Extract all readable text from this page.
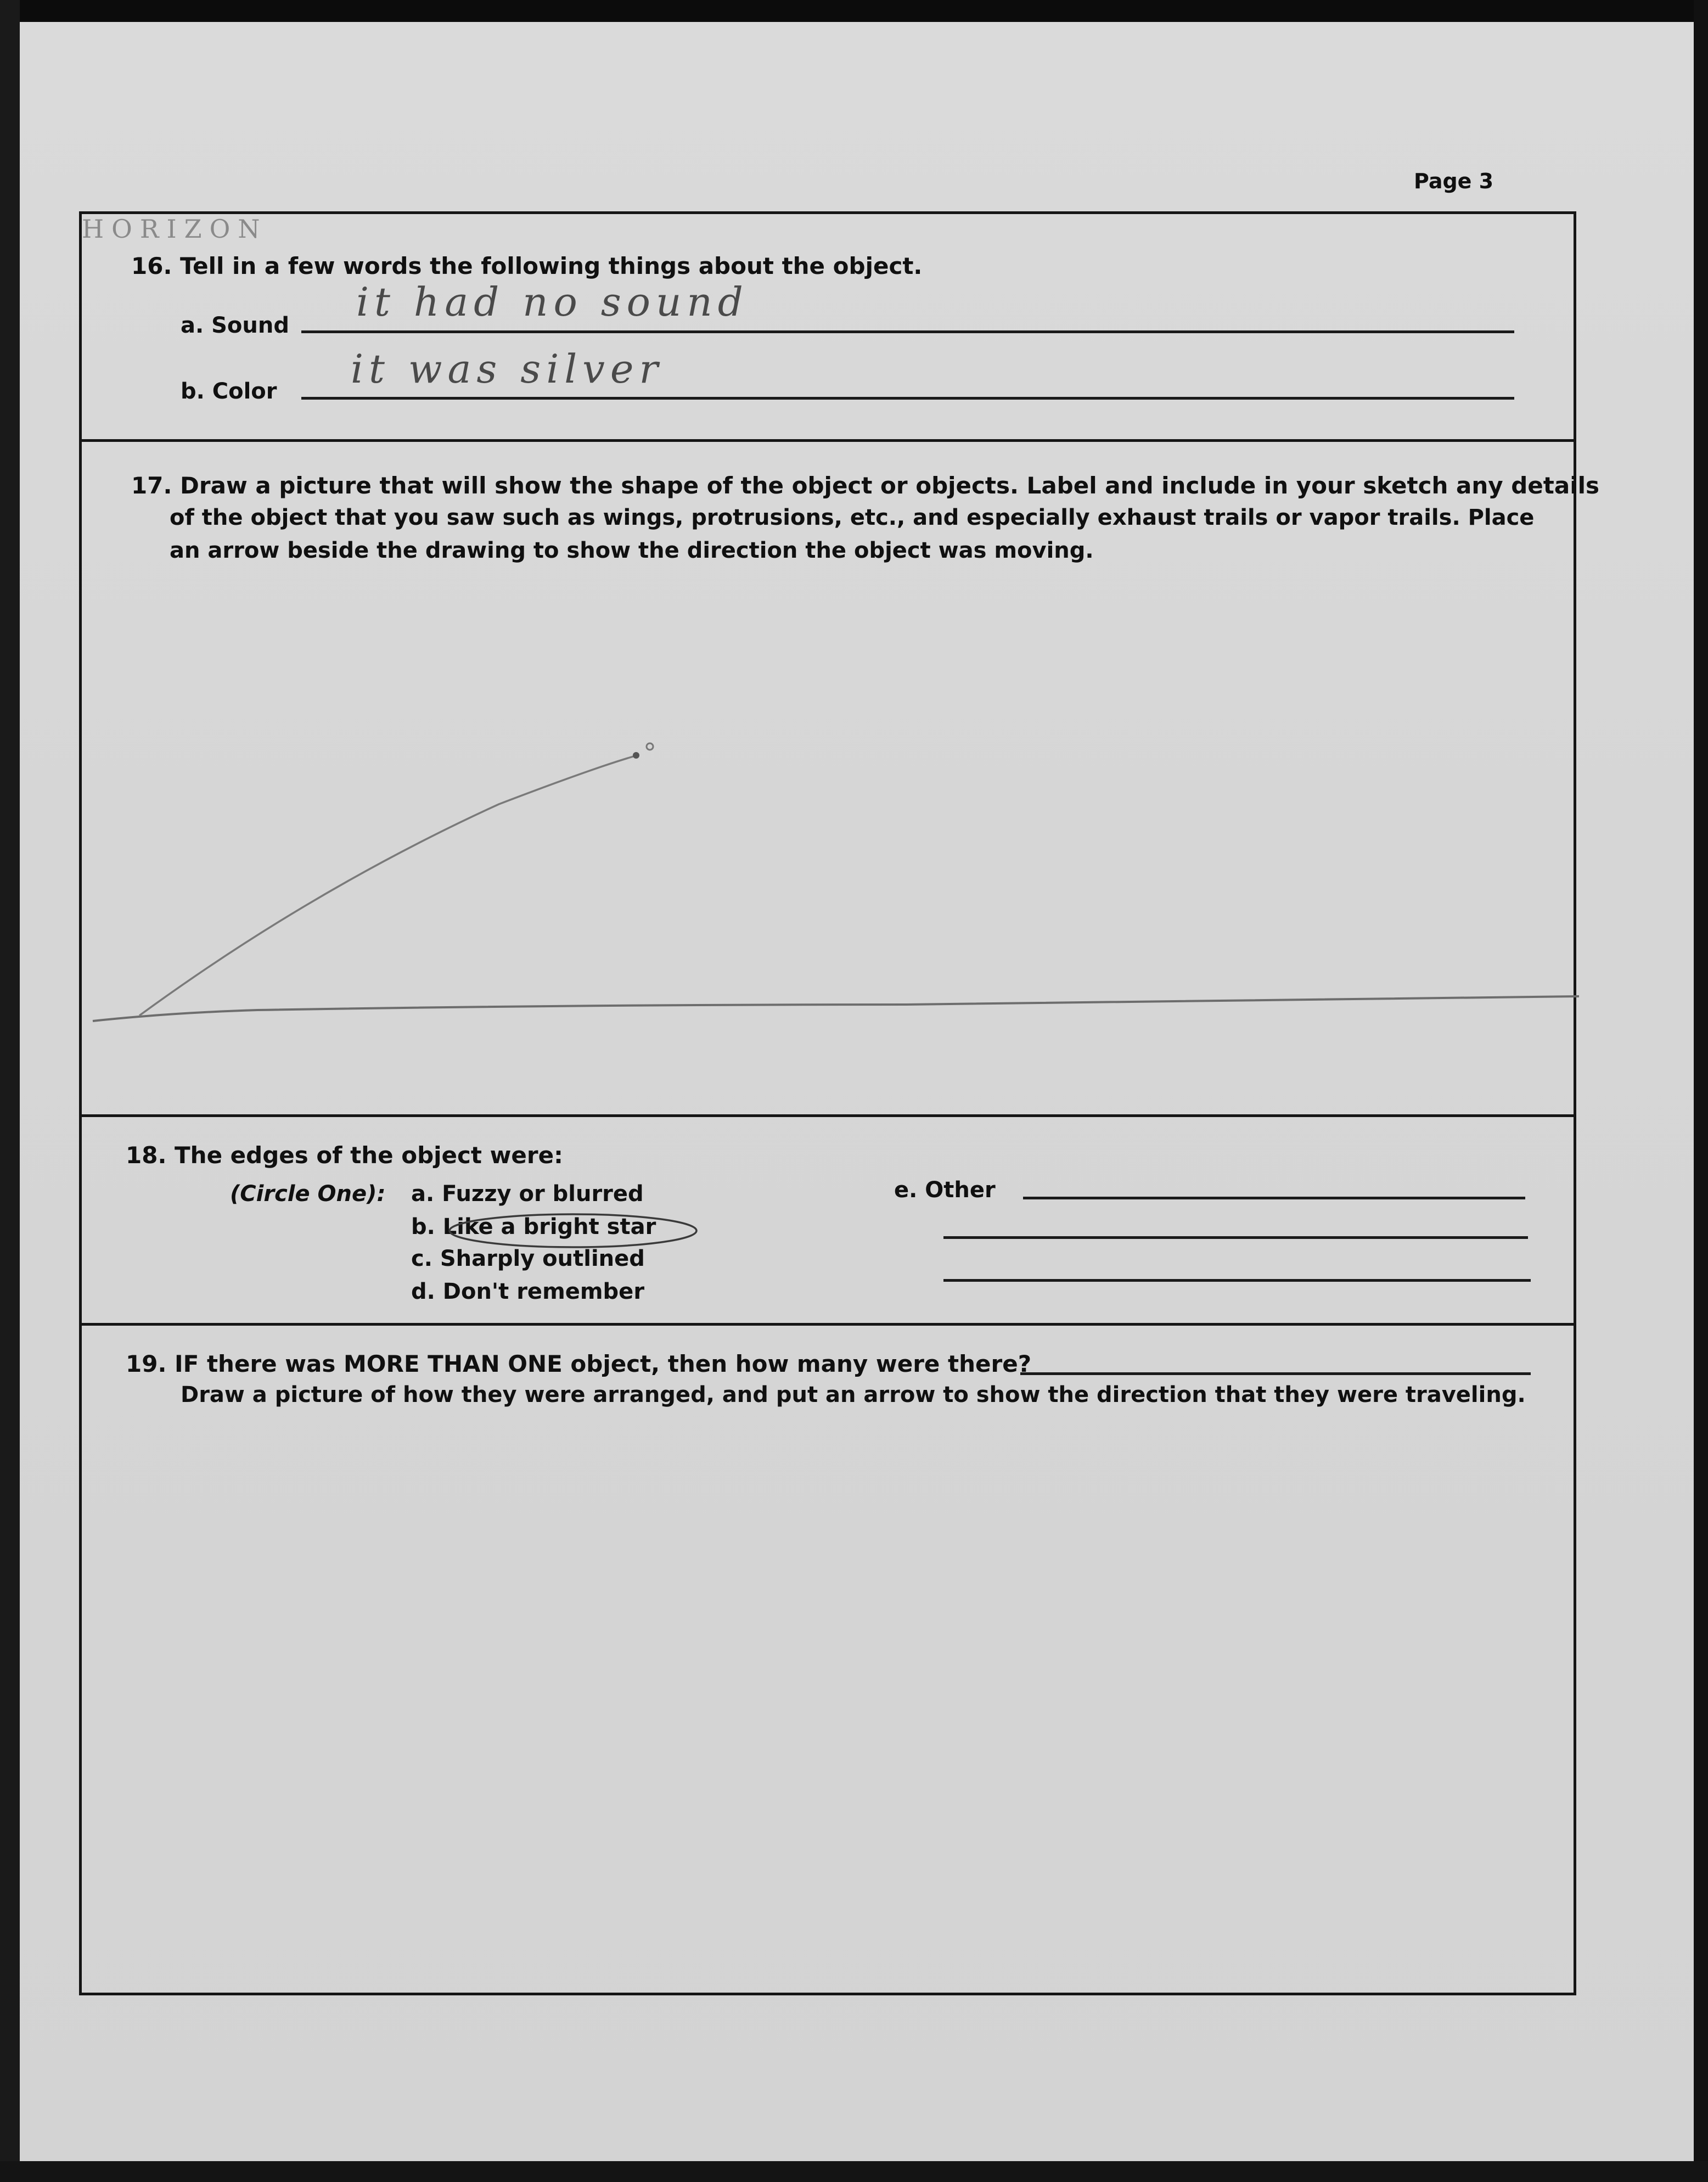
Page 3
16. Tell in a few words the following things about the object.
a. Sound
it had no sound
b. Color it was silver
17. Draw a picture that will show the shape of the object or objects. Label and include in your sketch any details
of the object that you saw such as wings, protrusions, etc., and especially exhaust trails or vapor trails. Place
an arrow beside the drawing to show the direction the object was moving.
HORIZON
18. The edges of the object were:
(Circle One): a. Fuzzy or blurred
b. Like a bright star
c. Sharply outlined
d. Don't remember
e. Other
19. IF there was MORE THAN ONE object, then how many were there?
Draw a picture of how they were arranged, and put an arrow to show the direction that they were traveling.
